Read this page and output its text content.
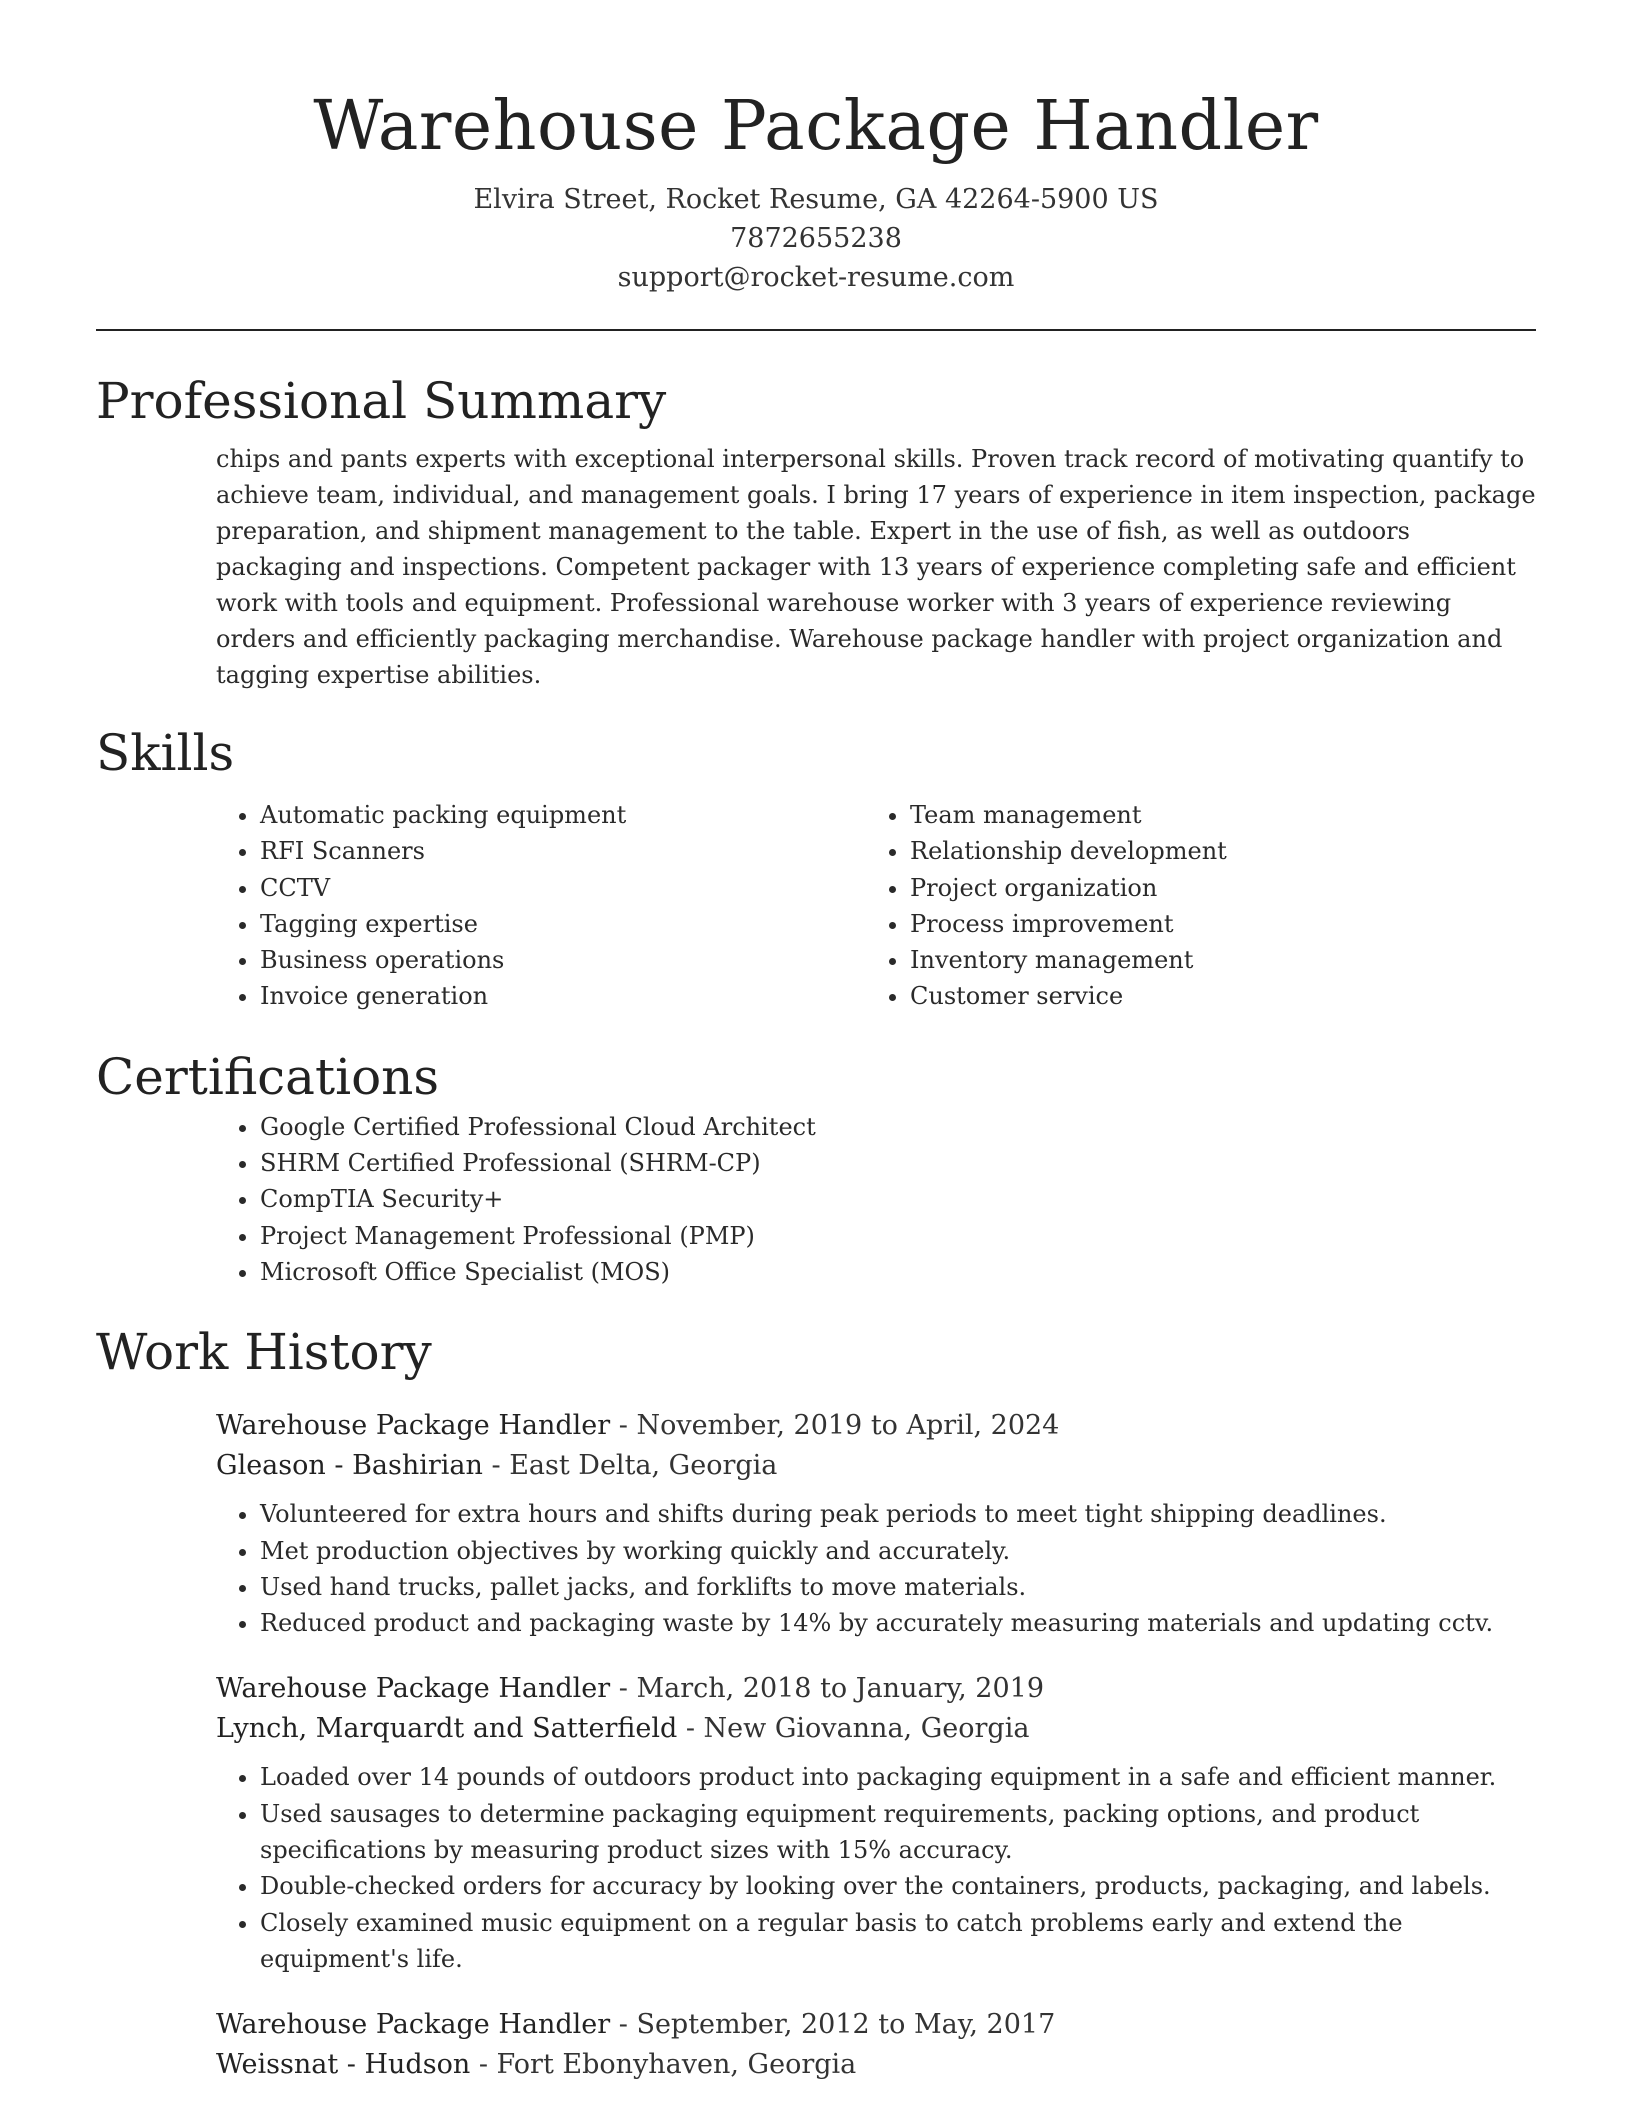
Warehouse Package Handler
Elvira Street, Rocket Resume, GA 42264-5900 US
7872655238
support@rocket-resume.com
Professional Summary

chips and pants experts with exceptional interpersonal skills. Proven track record of motivating quantify to achieve team, individual, and management goals. I bring 17 years of experience in item inspection, package preparation, and shipment management to the table. Expert in the use of fish, as well as outdoors packaging and inspections. Competent packager with 13 years of experience completing safe and efficient work with tools and equipment. Professional warehouse worker with 3 years of experience reviewing orders and efficiently packaging merchandise. Warehouse package handler with project organization and tagging expertise abilities.

Skills
• Automatic packing equipment
• RFI Scanners
• CCTV
• Tagging expertise
• Business operations
• Invoice generation
• Team management
• Relationship development
• Project organization
• Process improvement
• Inventory management
• Customer service
Certifications
• Google Certified Professional Cloud Architect
• SHRM Certified Professional (SHRM-CP)
• CompTIA Security+
• Project Management Professional (PMP)
• Microsoft Office Specialist (MOS)
Work History
Warehouse Package Handler - November, 2019 to April, 2024
Gleason - Bashirian - East Delta, Georgia
• Volunteered for extra hours and shifts during peak periods to meet tight shipping deadlines.
• Met production objectives by working quickly and accurately.
• Used hand trucks, pallet jacks, and forklifts to move materials.
• Reduced product and packaging waste by 14% by accurately measuring materials and updating cctv.
Warehouse Package Handler - March, 2018 to January, 2019
Lynch, Marquardt and Satterfield - New Giovanna, Georgia
• Loaded over 14 pounds of outdoors product into packaging equipment in a safe and efficient manner.
• Used sausages to determine packaging equipment requirements, packing options, and product specifications by measuring product sizes with 15% accuracy.
• Double-checked orders for accuracy by looking over the containers, products, packaging, and labels.
• Closely examined music equipment on a regular basis to catch problems early and extend the equipment's life.
Warehouse Package Handler - September, 2012 to May, 2017
Weissnat - Hudson - Fort Ebonyhaven, Georgia
